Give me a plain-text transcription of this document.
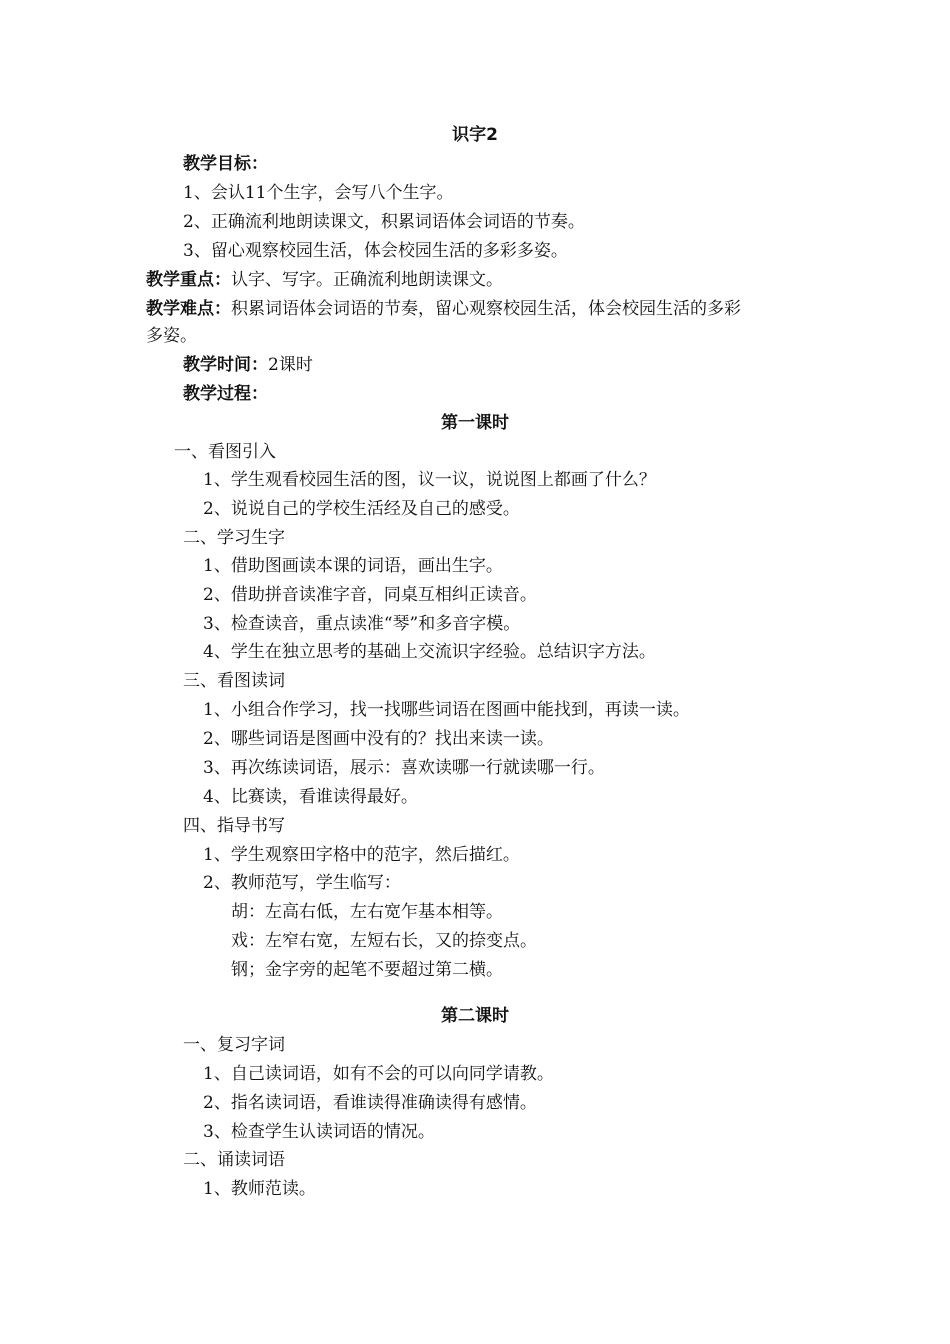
识字2
教学目标：
1、会认11个生字，会写八个生字。
2、正确流利地朗读课文，积累词语体会词语的节奏。
3、留心观察校园生活，体会校园生活的多彩多姿。
教学重点：认字、写字。正确流利地朗读课文。
教学难点：积累词语体会词语的节奏，留心观察校园生活，体会校园生活的多彩
多姿。
教学时间：2课时
教学过程：
第一课时
一、看图引入
1、学生观看校园生活的图，议一议，说说图上都画了什么？
2、说说自己的学校生活经及自己的感受。
二、学习生字
1、借助图画读本课的词语，画出生字。
2、借助拼音读准字音，同桌互相纠正读音。
3、检查读音，重点读准“琴”和多音字模。
4、学生在独立思考的基础上交流识字经验。总结识字方法。
三、看图读词
1、小组合作学习，找一找哪些词语在图画中能找到，再读一读。
2、哪些词语是图画中没有的？找出来读一读。
3、再次练读词语，展示：喜欢读哪一行就读哪一行。
4、比赛读，看谁读得最好。
四、指导书写
1、学生观察田字格中的范字，然后描红。
2、教师范写，学生临写：
胡：左高右低，左右宽乍基本相等。
戏：左窄右宽，左短右长，又的捺变点。
钢；金字旁的起笔不要超过第二横。
第二课时
一、复习字词
1、自己读词语，如有不会的可以向同学请教。
2、指名读词语，看谁读得准确读得有感情。
3、检查学生认读词语的情况。
二、诵读词语
1、教师范读。
